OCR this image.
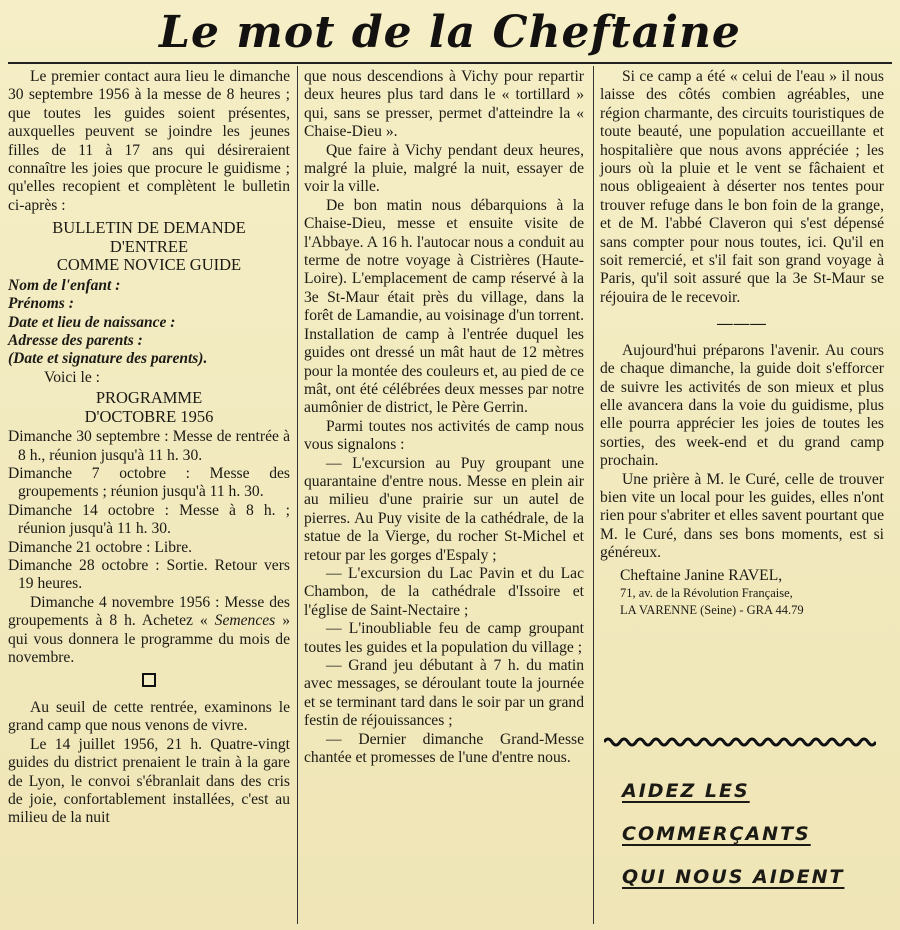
Le mot de la Cheftaine

Le premier contact aura lieu le dimanche 30 septembre 1956 à la messe de 8 heures ; que toutes les guides soient présentes, auxquelles peuvent se joindre les jeunes filles de 11 à 17 ans qui désireraient connaître les joies que procure le guidisme ; qu'elles recopient et complètent le bulletin ci-après :

BULLETIN DE DEMANDE
D'ENTREE
COMME NOVICE GUIDE
Nom de l'enfant :
Prénoms :
Date et lieu de naissance :
Adresse des parents :
(Date et signature des parents).

Voici le :

PROGRAMME
D'OCTOBRE 1956

Dimanche 30 septembre : Messe de rentrée à 8 h., réunion jusqu'à 11 h. 30.

Dimanche 7 octobre : Messe des groupements ; réunion jusqu'à 11 h. 30.

Dimanche 14 octobre : Messe à 8 h. ; réunion jusqu'à 11 h. 30.

Dimanche 21 octobre : Libre.

Dimanche 28 octobre : Sortie. Retour vers 19 heures.

Dimanche 4 novembre 1956 : Messe des groupements à 8 h. Achetez « Semences » qui vous donnera le programme du mois de novembre.

Au seuil de cette rentrée, examinons le grand camp que nous venons de vivre.

Le 14 juillet 1956, 21 h. Quatre-vingt guides du district prenaient le train à la gare de Lyon, le convoi s'ébranlait dans des cris de joie, confortablement installées, c'est au milieu de la nuit

que nous descendions à Vichy pour repartir deux heures plus tard dans le « tortillard » qui, sans se presser, permet d'atteindre la « Chaise-Dieu ».

Que faire à Vichy pendant deux heures, malgré la pluie, malgré la nuit, essayer de voir la ville.

De bon matin nous débarquions à la Chaise-Dieu, messe et ensuite visite de l'Abbaye. A 16 h. l'autocar nous a conduit au terme de notre voyage à Cistrières (Haute-Loire). L'emplacement de camp réservé à la 3e St-Maur était près du village, dans la forêt de Lamandie, au voisinage d'un torrent. Installation de camp à l'entrée duquel les guides ont dressé un mât haut de 12 mètres pour la montée des couleurs et, au pied de ce mât, ont été célébrées deux messes par notre aumônier de district, le Père Gerrin.

Parmi toutes nos activités de camp nous vous signalons :

— L'excursion au Puy groupant une quarantaine d'entre nous. Messe en plein air au milieu d'une prairie sur un autel de pierres. Au Puy visite de la cathédrale, de la statue de la Vierge, du rocher St-Michel et retour par les gorges d'Espaly ;

— L'excursion du Lac Pavin et du Lac Chambon, de la cathédrale d'Issoire et l'église de Saint-Nectaire ;

— L'inoubliable feu de camp groupant toutes les guides et la population du village ;

— Grand jeu débutant à 7 h. du matin avec messages, se déroulant toute la journée et se terminant tard dans le soir par un grand festin de réjouissances ;

— Dernier dimanche Grand-Messe chantée et promesses de l'une d'entre nous.

Si ce camp a été « celui de l'eau » il nous laisse des côtés combien agréables, une région charmante, des circuits touristiques de toute beauté, une population accueillante et hospitalière que nous avons appréciée ; les jours où la pluie et le vent se fâchaient et nous obligeaient à déserter nos tentes pour trouver refuge dans le bon foin de la grange, et de M. l'abbé Claveron qui s'est dépensé sans compter pour nous toutes, ici. Qu'il en soit remercié, et s'il fait son grand voyage à Paris, qu'il soit assuré que la 3e St-Maur se réjouira de le recevoir.

———

Aujourd'hui préparons l'avenir. Au cours de chaque dimanche, la guide doit s'efforcer de suivre les activités de son mieux et plus elle avancera dans la voie du guidisme, plus elle pourra apprécier les joies de toutes les sorties, des week-end et du grand camp prochain.

Une prière à M. le Curé, celle de trouver bien vite un local pour les guides, elles n'ont rien pour s'abriter et elles savent pourtant que M. le Curé, dans ses bons moments, est si généreux.

Cheftaine Janine RAVEL,

71, av. de la Révolution Française,

LA VARENNE (Seine) - GRA 44.79

AIDEZ LES
COMMERÇANTS
QUI NOUS AIDENT
